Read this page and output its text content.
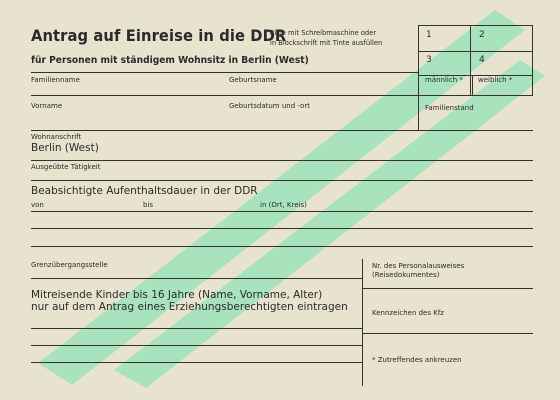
Antrag auf Einreise in die DDR
Bitte mit Schreibmaschine oder
in Blockschrift mit Tinte ausfüllen
für Personen mit ständigem Wohnsitz in Berlin (West)
1	2
3	4
Familienname	Geburtsname	männlich * weiblich *
Vorname	Geburtsdatum und -ort	Familienstand
Wohnanschrift
Berlin (West)
Ausgeübte Tätigkeit
Beabsichtigte Aufenthaltsdauer in der DDR
von	bis	in (Ort, Kreis)
Grenzübergangsstelle	Nr. des Personalausweises
(Reisedokumentes)
Mitreisende Kinder bis 16 Jahre (Name, Vorname, Alter)
nur auf dem Antrag eines Erziehungsberechtigten eintragen	Kennzeichen des Kfz
* Zutreffendes ankreuzen
